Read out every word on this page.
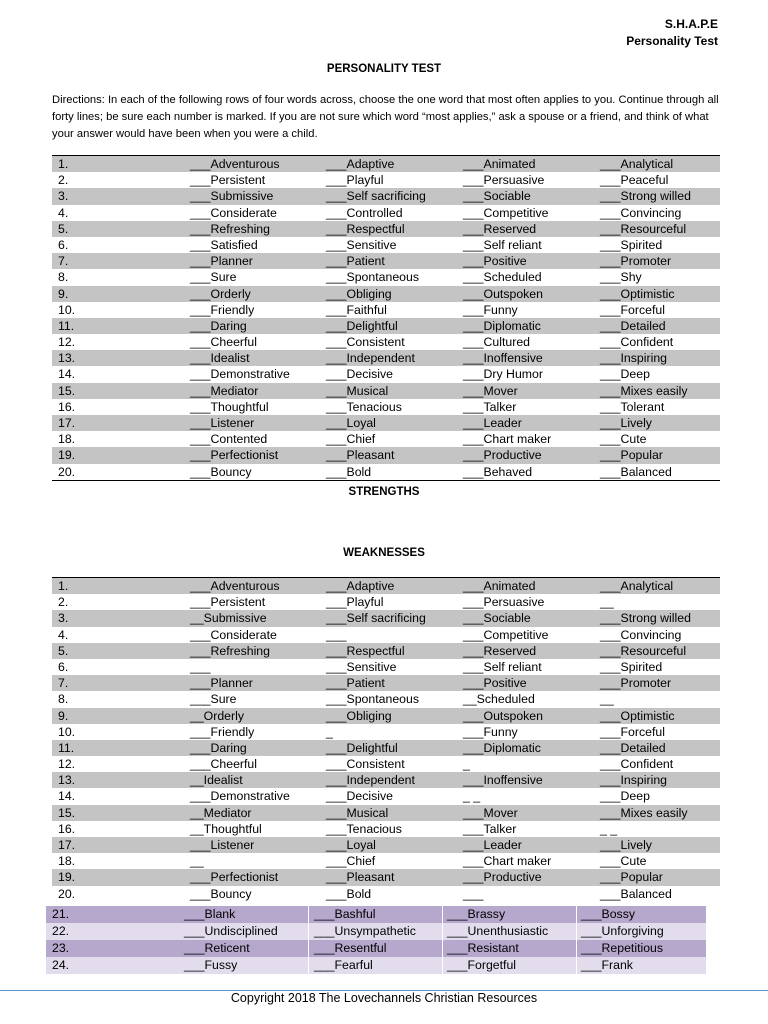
S.H.A.P.E
Personality Test
PERSONALITY TEST
Directions: In each of the following rows of four words across, choose the one word that most often applies to you. Continue through all forty lines; be sure each number is marked. If you are not sure which word “most applies,” ask a spouse or a friend, and think of what your answer would have been when you were a child.
1.	___Adventurous	___Adaptive	___Animated	___Analytical
2.	___Persistent	___Playful	___Persuasive	___Peaceful
3.	___Submissive	___Self sacrificing	___Sociable	___Strong willed
4.	___Considerate	___Controlled	___Competitive	___Convincing
5.	___Refreshing	___Respectful	___Reserved	___Resourceful
6.	___Satisfied	___Sensitive	___Self reliant	___Spirited
7.	___Planner	___Patient	___Positive	___Promoter
8.	___Sure	___Spontaneous	___Scheduled	___Shy
9.	___Orderly	___Obliging	___Outspoken	___Optimistic
10.	___Friendly	___Faithful	___Funny	___Forceful
11.	___Daring	___Delightful	___Diplomatic	___Detailed
12.	___Cheerful	___Consistent	___Cultured	___Confident
13.	___Idealist	___Independent	___Inoffensive	___Inspiring
14.	___Demonstrative	___Decisive	___Dry Humor	___Deep
15.	___Mediator	___Musical	___Mover	___Mixes easily
16.	___Thoughtful	___Tenacious	___Talker	___Tolerant
17.	___Listener	___Loyal	___Leader	___Lively
18.	___Contented	___Chief	___Chart maker	___Cute
19.	___Perfectionist	___Pleasant	___Productive	___Popular
20.	___Bouncy	___Bold	___Behaved	___Balanced
STRENGTHS
WEAKNESSES
1.	___Adventurous	___Adaptive	___Animated	___Analytical
2.	___Persistent	___Playful	___Persuasive	__
3.	__Submissive	___Self sacrificing	___Sociable	___Strong willed
4.	___Considerate	___	___Competitive	___Convincing
5.	___Refreshing	___Respectful	___Reserved	___Resourceful
6.	___	___Sensitive	___Self reliant	___Spirited
7.	___Planner	___Patient	___Positive	___Promoter
8.	___Sure	___Spontaneous	__Scheduled	__
9.	__Orderly	___Obliging	___Outspoken	___Optimistic
10.	___Friendly	_	___Funny	___Forceful
11.	___Daring	___Delightful	___Diplomatic	___Detailed
12.	___Cheerful	___Consistent	_	___Confident
13.	__Idealist	___Independent	___Inoffensive	___Inspiring
14.	___Demonstrative	___Decisive	_ _	___Deep
15.	__Mediator	___Musical	___Mover	___Mixes easily
16.	__Thoughtful	___Tenacious	___Talker	_ _
17.	___Listener	___Loyal	___Leader	___Lively
18.	__	___Chief	___Chart maker	___Cute
19.	___Perfectionist	___Pleasant	___Productive	___Popular
20.	___Bouncy	___Bold	___	___Balanced
21.	___Blank	___Bashful	___Brassy	___Bossy
22.	___Undisciplined	___Unsympathetic	___Unenthusiastic	___Unforgiving
23.	___Reticent	___Resentful	___Resistant	___Repetitious
24.	___Fussy	___Fearful	___Forgetful	___Frank
Copyright 2018 The Lovechannels Christian Resources
